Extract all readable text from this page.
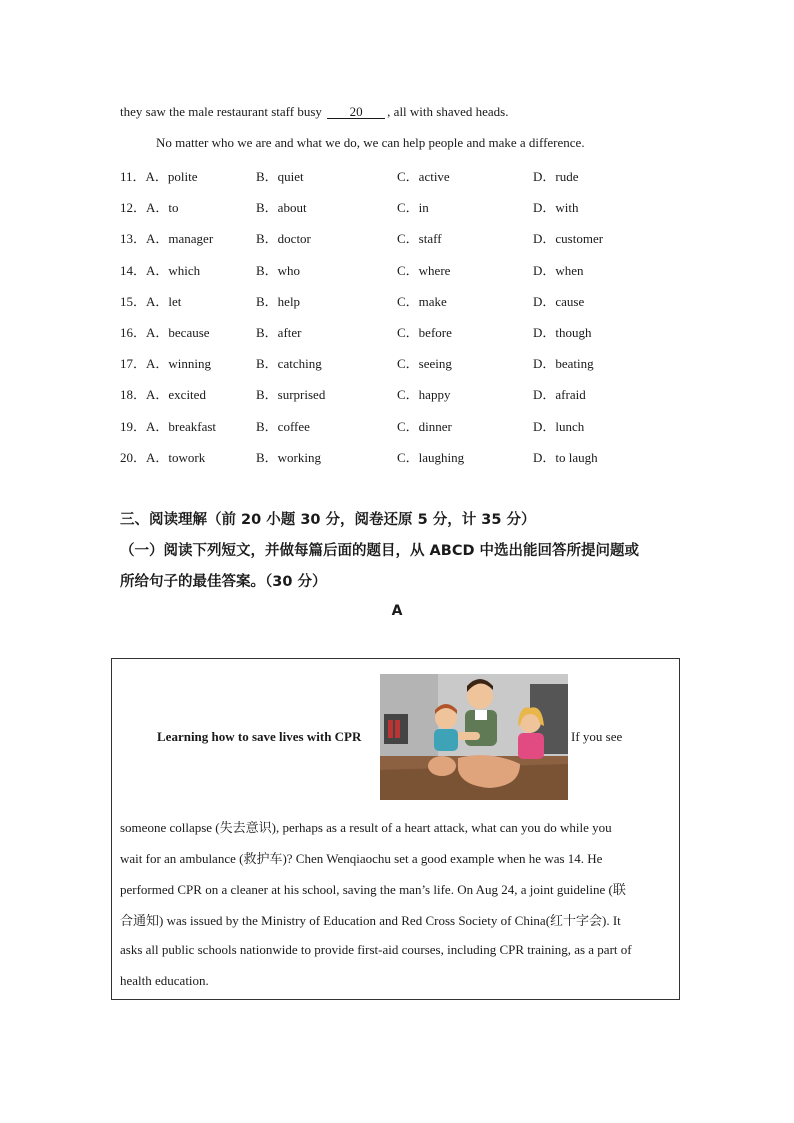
they saw the male restaurant staff busy 20 , all with shaved heads.
No matter who we are and what we do, we can help people and make a difference.
11．A．polite	B．quiet	C．active	D．rude
12．A．to	B．about	C．in	D．with
13．A．manager	B．doctor	C．staff	D．customer
14．A．which	B．who	C．where	D．when
15．A．let	B．help	C．make	D．cause
16．A．because	B．after	C．before	D．though
17．A．winning	B．catching	C．seeing	D．beating
18．A．excited	B．surprised	C．happy	D．afraid
19．A．breakfast	B．coffee	C．dinner	D．lunch
20．A．towork	B．working	C．laughing	D．to laugh
三、阅读理解（前 20 小题 30 分，阅卷还原 5 分，计 35 分）
（一）阅读下列短文，并做每篇后面的题目，从 ABCD 中选出能回答所提问题或
所给句子的最佳答案。（30 分）
A
Learning how to save lives with CPR	If you see
someone collapse (失去意识), perhaps as a result of a heart attack, what can you do while you
wait for an ambulance (救护车)? Chen Wenqiaochu set a good example when he was 14. He
performed CPR on a cleaner at his school, saving the man’s life. On Aug 24, a joint guideline (联
合通知) was issued by the Ministry of Education and Red Cross Society of China(红十字会). It
asks all public schools nationwide to provide first-aid courses, including CPR training, as a part of
health education.
